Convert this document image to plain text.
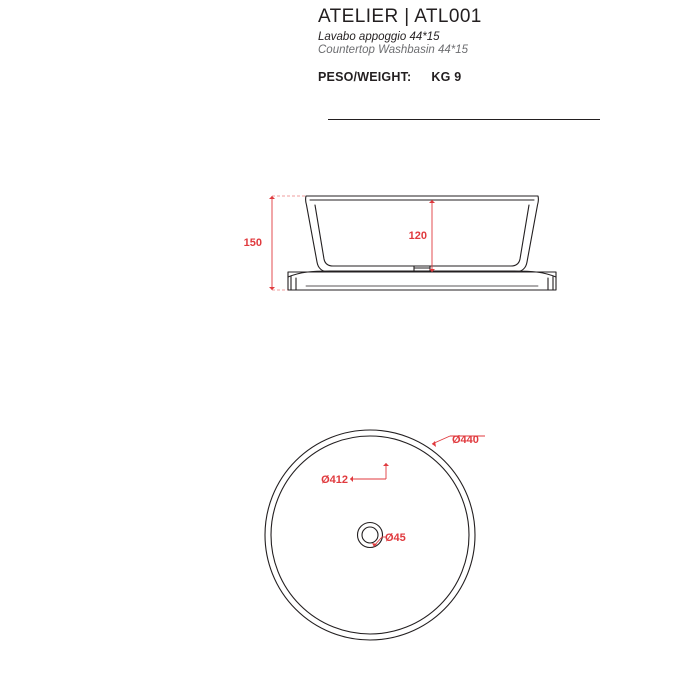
ATELIER | ATL001
Lavabo appoggio 44*15
Countertop Washbasin 44*15
PESO/WEIGHT: KG 9
150
120
Ø440
Ø412
Ø45
